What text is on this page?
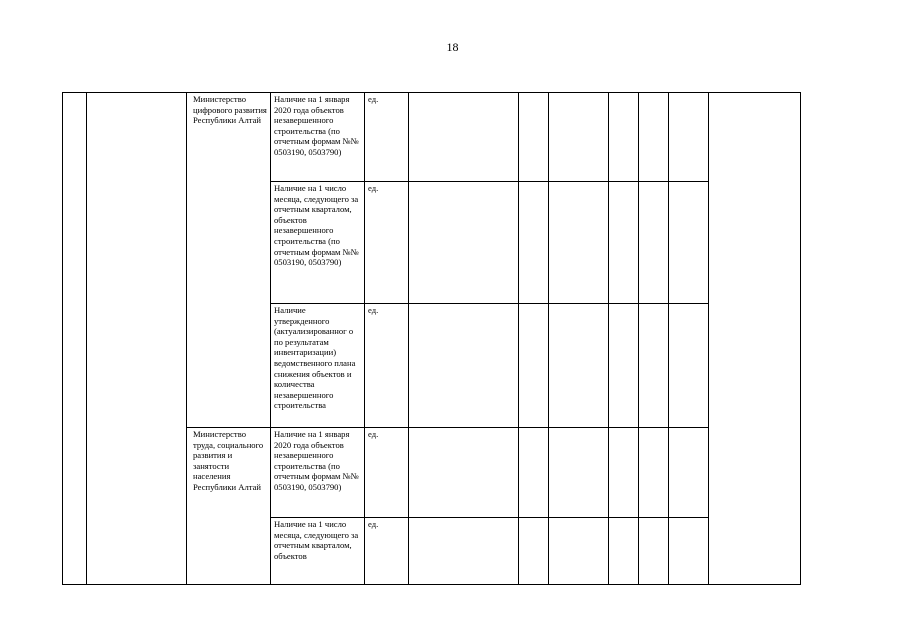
18
		Министерство цифрового развития Республики Алтай	Наличие на 1 января 2020 года объектов незавершенного строительства (по отчетным формам №№ 0503190, 0503790)	ед.							
			Наличие на 1 число месяца, следующего за отчетным кварталом, объектов незавершенного строительства (по отчетным формам №№ 0503190, 0503790)	ед.							
			Наличие утвержденного (актуализированног о по результатам инвентаризации) ведомственного плана снижения объектов и количества незавершенного строительства	ед.							
		Министерство труда, социального развития и занятости населения Республики Алтай	Наличие на 1 января 2020 года объектов незавершенного строительства (по отчетным формам №№ 0503190, 0503790)	ед.							
			Наличие на 1 число месяца, следующего за отчетным кварталом, объектов	ед.							
